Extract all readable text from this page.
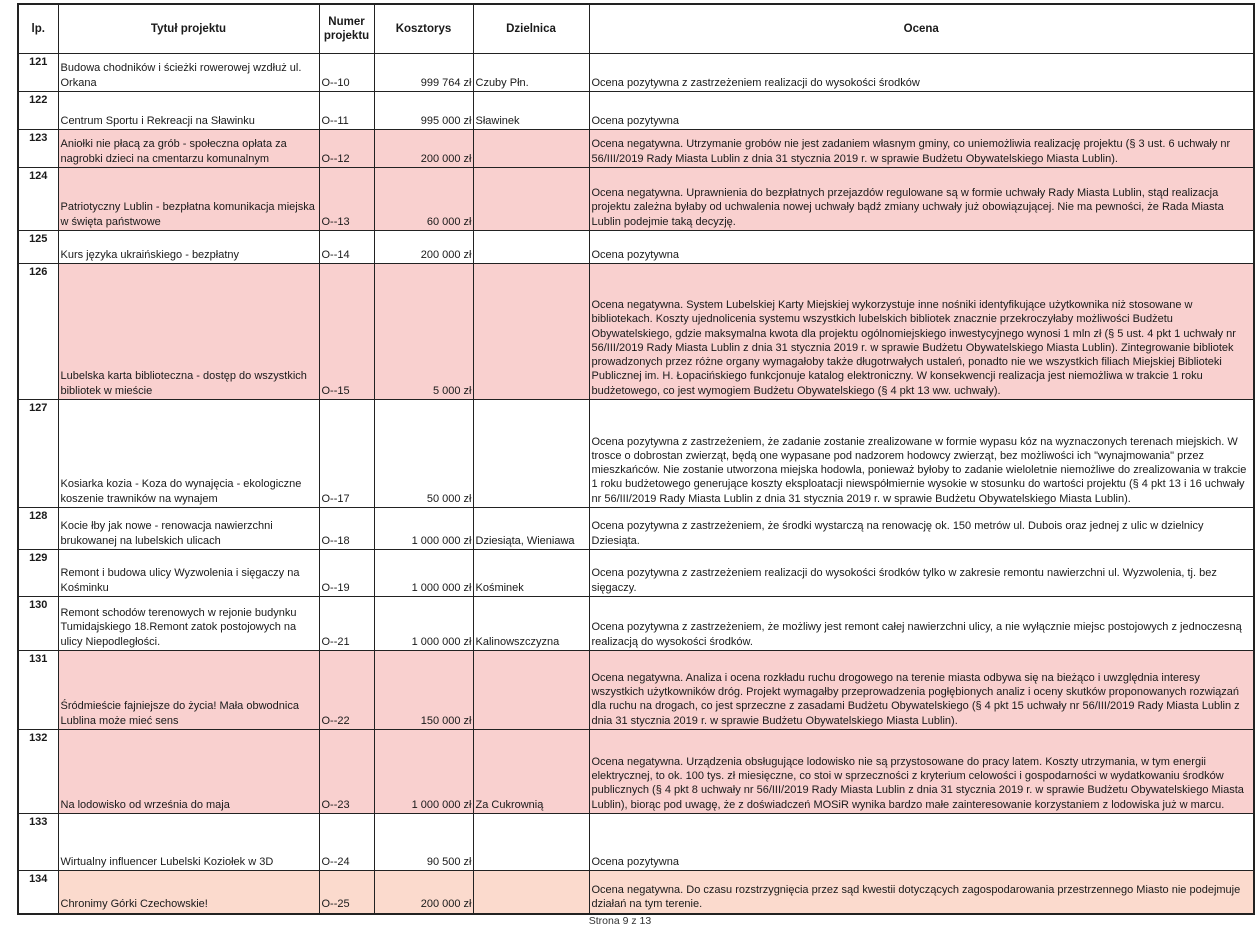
lp.	Tytuł projektu	Numer projektu	Kosztorys	Dzielnica	Ocena
121	Budowa chodników i ścieżki rowerowej wzdłuż ul. Orkana	O--10	999 764 zł	Czuby Płn.	Ocena pozytywna z zastrzeżeniem realizacji do wysokości środków
122	Centrum Sportu i Rekreacji na Sławinku	O--11	995 000 zł	Sławinek	Ocena pozytywna
123	Aniołki nie płacą za grób - społeczna opłata za nagrobki dzieci na cmentarzu komunalnym	O--12	200 000 zł		Ocena negatywna. Utrzymanie grobów nie jest zadaniem własnym gminy, co uniemożliwia realizację projektu (§ 3 ust. 6 uchwały nr 56/III/2019 Rady Miasta Lublin z dnia 31 stycznia 2019 r. w sprawie Budżetu Obywatelskiego Miasta Lublin).
124	Patriotyczny Lublin - bezpłatna komunikacja miejska w święta państwowe	O--13	60 000 zł		Ocena negatywna. Uprawnienia do bezpłatnych przejazdów regulowane są w formie uchwały Rady Miasta Lublin, stąd realizacja projektu zależna byłaby od uchwalenia nowej uchwały bądź zmiany uchwały już obowiązującej. Nie ma pewności, że Rada Miasta Lublin podejmie taką decyzję.
125	Kurs języka ukraińskiego - bezpłatny	O--14	200 000 zł		Ocena pozytywna
126	Lubelska karta biblioteczna - dostęp do wszystkich bibliotek w mieście	O--15	5 000 zł		Ocena negatywna. System Lubelskiej Karty Miejskiej wykorzystuje inne nośniki identyfikujące użytkownika niż stosowane w bibliotekach. Koszty ujednolicenia systemu wszystkich lubelskich bibliotek znacznie przekroczyłaby możliwości Budżetu Obywatelskiego, gdzie maksymalna kwota dla projektu ogólnomiejskiego inwestycyjnego wynosi 1 mln zł (§ 5 ust. 4 pkt 1 uchwały nr 56/III/2019 Rady Miasta Lublin z dnia 31 stycznia 2019 r. w sprawie Budżetu Obywatelskiego Miasta Lublin). Zintegrowanie bibliotek prowadzonych przez różne organy wymagałoby także długotrwałych ustaleń, ponadto nie we wszystkich filiach Miejskiej Biblioteki Publicznej im. H. Łopacińskiego funkcjonuje katalog elektroniczny. W konsekwencji realizacja jest niemożliwa w trakcie 1 roku budżetowego, co jest wymogiem Budżetu Obywatelskiego (§ 4 pkt 13 ww. uchwały).
127	Kosiarka kozia - Koza do wynajęcia - ekologiczne koszenie trawników na wynajem	O--17	50 000 zł		Ocena pozytywna z zastrzeżeniem, że zadanie zostanie zrealizowane w formie wypasu kóz na wyznaczonych terenach miejskich. W trosce o dobrostan zwierząt, będą one wypasane pod nadzorem hodowcy zwierząt, bez możliwości ich "wynajmowania" przez mieszkańców. Nie zostanie utworzona miejska hodowla, ponieważ byłoby to zadanie wieloletnie niemożliwe do zrealizowania w trakcie 1 roku budżetowego generujące koszty eksploatacji niewspółmiernie wysokie w stosunku do wartości projektu (§ 4 pkt 13 i 16 uchwały nr 56/III/2019 Rady Miasta Lublin z dnia 31 stycznia 2019 r. w sprawie Budżetu Obywatelskiego Miasta Lublin).
128	Kocie łby jak nowe - renowacja nawierzchni brukowanej na lubelskich ulicach	O--18	1 000 000 zł	Dziesiąta, Wieniawa	Ocena pozytywna z zastrzeżeniem, że środki wystarczą na renowację ok. 150 metrów ul. Dubois oraz jednej z ulic w dzielnicy Dziesiąta.
129	Remont i budowa ulicy Wyzwolenia i sięgaczy na Kośminku	O--19	1 000 000 zł	Kośminek	Ocena pozytywna z zastrzeżeniem realizacji do wysokości środków tylko w zakresie remontu nawierzchni ul. Wyzwolenia, tj. bez sięgaczy.
130	Remont schodów terenowych w rejonie budynku Tumidajskiego 18.Remont zatok postojowych na ulicy Niepodległości.	O--21	1 000 000 zł	Kalinowszczyzna	Ocena pozytywna z zastrzeżeniem, że możliwy jest remont całej nawierzchni ulicy, a nie wyłącznie miejsc postojowych z jednoczesną realizacją do wysokości środków.
131	Śródmieście fajniejsze do życia! Mała obwodnica Lublina może mieć sens	O--22	150 000 zł		Ocena negatywna. Analiza i ocena rozkładu ruchu drogowego na terenie miasta odbywa się na bieżąco i uwzględnia interesy wszystkich użytkowników dróg. Projekt wymagałby przeprowadzenia pogłębionych analiz i oceny skutków proponowanych rozwiązań dla ruchu na drogach, co jest sprzeczne z zasadami Budżetu Obywatelskiego (§ 4 pkt 15 uchwały nr 56/III/2019 Rady Miasta Lublin z dnia 31 stycznia 2019 r. w sprawie Budżetu Obywatelskiego Miasta Lublin).
132	Na lodowisko od września do maja	O--23	1 000 000 zł	Za Cukrownią	Ocena negatywna. Urządzenia obsługujące lodowisko nie są przystosowane do pracy latem. Koszty utrzymania, w tym energii elektrycznej, to ok. 100 tys. zł miesięczne, co stoi w sprzeczności z kryterium celowości i gospodarności w wydatkowaniu środków publicznych (§ 4 pkt 8 uchwały nr 56/III/2019 Rady Miasta Lublin z dnia 31 stycznia 2019 r. w sprawie Budżetu Obywatelskiego Miasta Lublin), biorąc pod uwagę, że z doświadczeń MOSiR wynika bardzo małe zainteresowanie korzystaniem z lodowiska już w marcu.
133	Wirtualny influencer Lubelski Koziołek w 3D	O--24	90 500 zł		Ocena pozytywna
134	Chronimy Górki Czechowskie!	O--25	200 000 zł		Ocena negatywna. Do czasu rozstrzygnięcia przez sąd kwestii dotyczących zagospodarowania przestrzennego Miasto nie podejmuje działań na tym terenie.
Strona 9 z 13
